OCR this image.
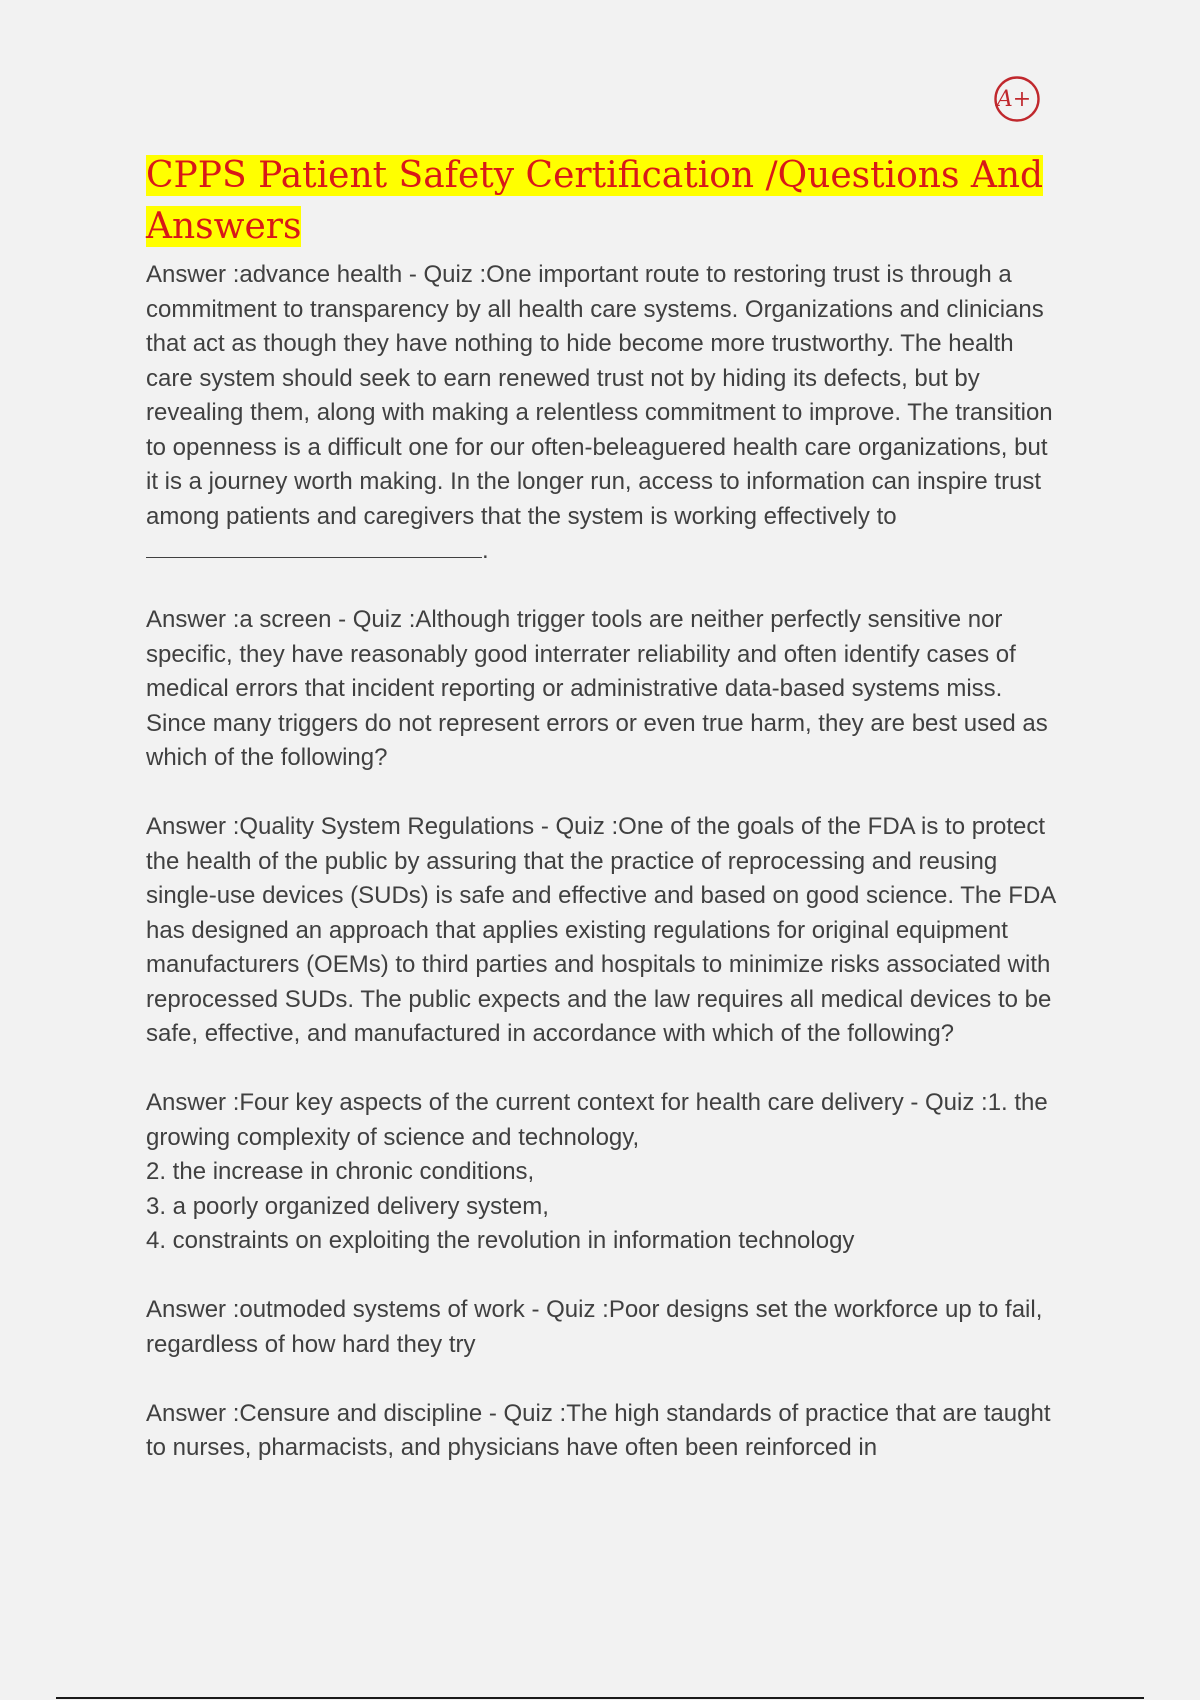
A+
CPPS Patient Safety Certification /Questions And Answers

Answer :advance health - Quiz :One important route to restoring trust is through a commitment to transparency by all health care systems. Organizations and clinicians that act as though they have nothing to hide become more trustworthy. The health care system should seek to earn renewed trust not by hiding its defects, but by revealing them, along with making a relentless commitment to improve. The transition to openness is a difficult one for our often-beleaguered health care organizations, but it is a journey worth making. In the longer run, access to information can inspire trust among patients and caregivers that the system is working effectively to
.

Answer :a screen - Quiz :Although trigger tools are neither perfectly sensitive nor specific, they have reasonably good interrater reliability and often identify cases of medical errors that incident reporting or administrative data-based systems miss. Since many triggers do not represent errors or even true harm, they are best used as which of the following?

Answer :Quality System Regulations - Quiz :One of the goals of the FDA is to protect the health of the public by assuring that the practice of reprocessing and reusing single-use devices (SUDs) is safe and effective and based on good science. The FDA has designed an approach that applies existing regulations for original equipment manufacturers (OEMs) to third parties and hospitals to minimize risks associated with reprocessed SUDs. The public expects and the law requires all medical devices to be safe, effective, and manufactured in accordance with which of the following?

Answer :Four key aspects of the current context for health care delivery - Quiz :1. the growing complexity of science and technology,
2. the increase in chronic conditions,
3. a poorly organized delivery system,
4. constraints on exploiting the revolution in information technology

Answer :outmoded systems of work - Quiz :Poor designs set the workforce up to fail, regardless of how hard they try

Answer :Censure and discipline - Quiz :The high standards of practice that are taught to nurses, pharmacists, and physicians have often been reinforced in
